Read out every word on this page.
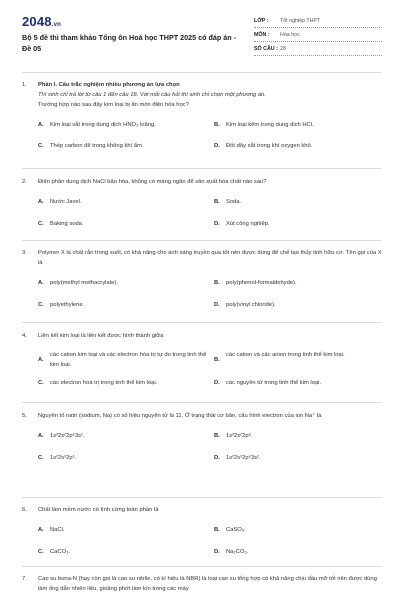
2048.vn
Bộ 5 đề thi tham khảo Tổng ôn Hoá học THPT 2025 có đáp án - Đề 05
LỚP :	Tốt nghiệp THPT
MÔN :	Hóa học
SỐ CÂU : 28
1.	Phần I. Câu trắc nghiệm nhiều phương án lựa chọn
Thí sinh chỉ trả lời từ câu 1 đến câu 18. Với mỗi câu hỏi thí sinh chỉ chọn một phương án.
Trường hợp nào sau đây kim loại bị ăn mòn điện hóa học?
A.	Kim loại sắt trong dung dịch HNO₃ loãng.	B.	Kim loại kẽm trong dung dịch HCl.
C.	Thép carbon để trong không khí ẩm.	D.	Đốt dây sắt trong khí oxygen khô.
2.	Điện phân dung dịch NaCl bão hòa, không có màng ngăn để sản xuất hóa chất nào sau?
A.	Nước Javel.	B.	Soda.
C.	Baking soda.	D.	Xút công nghiệp.
3.	Polymer X là chất rắn trong suốt, có khả năng cho ánh sáng truyền qua tốt nên được dùng để chế tạo thủy tinh hữu cơ. Tên gọi của X là
A.	poly(methyl methacrylate).	B.	poly(phenol-formaldehyde).
C.	polyethylene.	D.	poly(vinyl chloride).
4.	Liên kết kim loại là liên kết được hình thành giữa
A.
các cation kim loại và các electron hóa trị tự do trong tinh thể kim loại.
B.
các cation và các anion trong tinh thể kim loại.
C.	các electron hoá trị trong tinh thể kim loại.	D.	các nguyên tử trong tinh thể kim loại.
5.	Nguyên tố natri (sodium, Na) có số hiệu nguyên tử là 11. Ở trạng thái cơ bản, cấu hình electron của ion Na⁺ là
A.	1s²2s²2p⁶3s¹.	B.	1s²2s²2p⁶.
C.	1s²2s²2p⁵.	D.	1s²2s²2p⁶3s².
6.	Chất làm mềm nước có tính cứng toàn phần là
A.	NaCl.	B.	CaSO₄.
C.	CaCO₃.	D.	Na₂CO₃.
7.	Cao su buna-N (hay còn gọi là cao su nitrile, có kí hiệu là NBR) là loại cao su tổng hợp có khả năng chịu dầu mỡ tốt nên được dùng làm ống dẫn nhiên liệu, gioăng phớt làm kín trong các máy
